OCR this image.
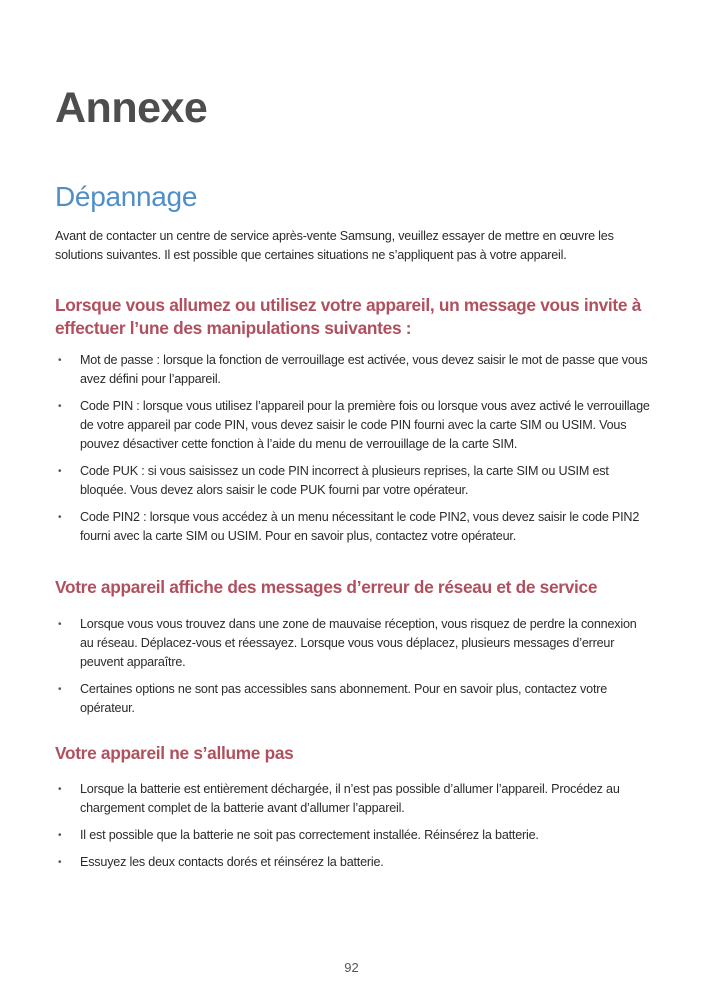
Annexe
Dépannage

Avant de contacter un centre de service après-vente Samsung, veuillez essayer de mettre en œuvre les solutions suivantes. Il est possible que certaines situations ne s’appliquent pas à votre appareil.

Lorsque vous allumez ou utilisez votre appareil, un message vous invite à effectuer l’une des manipulations suivantes :
• Mot de passe : lorsque la fonction de verrouillage est activée, vous devez saisir le mot de passe que vous avez défini pour l’appareil.
• Code PIN : lorsque vous utilisez l’appareil pour la première fois ou lorsque vous avez activé le verrouillage de votre appareil par code PIN, vous devez saisir le code PIN fourni avec la carte SIM ou USIM. Vous pouvez désactiver cette fonction à l’aide du menu de verrouillage de la carte SIM.
• Code PUK : si vous saisissez un code PIN incorrect à plusieurs reprises, la carte SIM ou USIM est bloquée. Vous devez alors saisir le code PUK fourni par votre opérateur.
• Code PIN2 : lorsque vous accédez à un menu nécessitant le code PIN2, vous devez saisir le code PIN2 fourni avec la carte SIM ou USIM. Pour en savoir plus, contactez votre opérateur.
Votre appareil affiche des messages d’erreur de réseau et de service
• Lorsque vous vous trouvez dans une zone de mauvaise réception, vous risquez de perdre la connexion au réseau. Déplacez-vous et réessayez. Lorsque vous vous déplacez, plusieurs messages d’erreur peuvent apparaître.
• Certaines options ne sont pas accessibles sans abonnement. Pour en savoir plus, contactez votre opérateur.
Votre appareil ne s’allume pas
• Lorsque la batterie est entièrement déchargée, il n’est pas possible d’allumer l’appareil. Procédez au chargement complet de la batterie avant d’allumer l’appareil.
• Il est possible que la batterie ne soit pas correctement installée. Réinsérez la batterie.
• Essuyez les deux contacts dorés et réinsérez la batterie.
92
